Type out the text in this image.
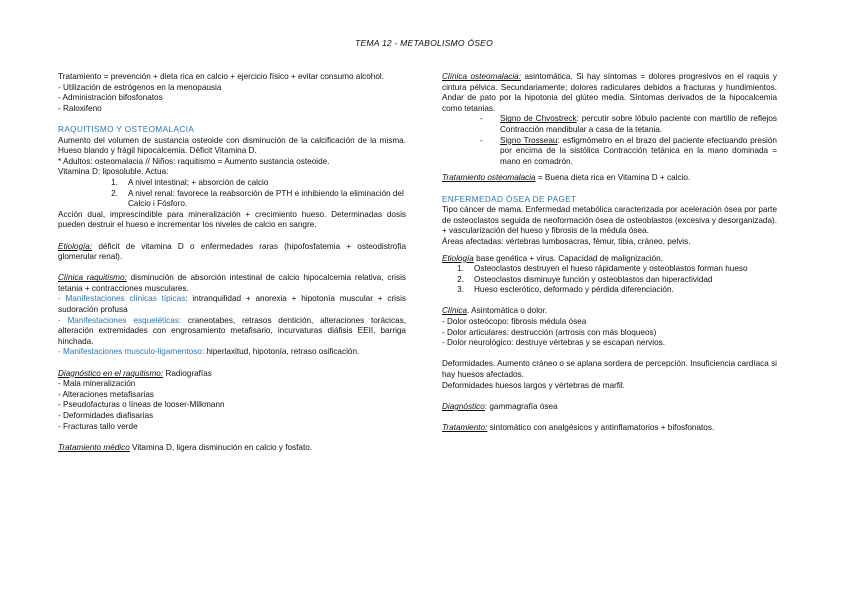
TEMA 12 - METABOLISMO ÓSEO

Tratamiento = prevención + dieta rica en calcio + ejercicio físico + evitar consumo alcohol.

- Utilización de estrógenos en la menopausia

- Administración bifosfonatos

- Raloxifeno

RAQUITISMO Y OSTEOMALACIA

Aumento del volumen de sustancia osteoide con disminución de la calcificación de la misma. Hueso blando y frágil hipocalcemia. Déficit Vitamina D.

* Adultos: osteomalacia // Niños: raquitismo = Aumento sustancia osteoide.

Vitamina D: liposoluble. Actua:

1.	A nivel intestinal; + absorción de calcio
2.	A nivel renal: favorece la reabsorción de PTH e inhibiendo la eliminación del Calcio i Fósforo.

Acción dual, imprescindible para mineralización + crecimiento hueso. Determinadas dosis pueden destruir el hueso e incrementar los niveles de calcio en sangre.

Etiología: déficit de vitamina D o enfermedades raras (hipofosfatemia + osteodistrofia glomerular renal).

Clínica raquitismo: disminución de absorción intestinal de calcio hipocalcemia relativa, crisis tetania + contracciones musculares.

- Manifestaciones clínicas típicas: intranquilidad + anorexia + hipotonía muscular + crisis sudoración profusa

- Manifestaciones esqueléticas: craneotabes, retrasos dentición, alteraciones torácicas, alteración extremidades con engrosamiento metafisario, incurvaturas diáfisis EEII, barriga hinchada.

- Manifestaciones musculo-ligamentoso: hiperlaxitud, hipotonía, retraso osificación.

Diagnóstico en el raquitismo: Radiografías

- Mala mineralización

- Alteraciones metafisarias

- Pseudofacturas o líneas de looser-Milkmann

- Deformidades diafisarias

- Fracturas tallo verde

Tratamiento médico Vitamina D, ligera disminución en calcio y fosfato.

Clínica osteomalacia: asintomática. Si hay síntomas = dolores progresivos en el raquis y cintura pélvica. Secundariamente; dolores radiculares debidos a fracturas y hundimientos. Andar de pato por la hipotonia del glúteo media. Síntomas derivados de la hipocalcemia como tetanias.

-	Signo de Chvostreck: percutir sobre lóbulo paciente con martillo de reflejos Contracción mandibular a casa de la tetania.
-	Signo Trosseau: esfigmómetro en el brazo del paciente efectuando presión por encima de la sistólica Contracción tetánica en la mano dominada = mano en comadrón.

Tratamiento osteomalacia = Buena dieta rica en Vitamina D + calcio.

ENFERMEDAD ÓSEA DE PAGET

Tipo cáncer de mama. Enfermedad metabólica caracterizada por aceleración ósea por parte de osteoclastos seguida de neoformación ósea de osteoblastos (excesiva y desorganizada). + vascularización del hueso y fibrosis de la médula ósea.

Áreas afectadas: vértebras lumbosacras, fémur, tibia, cráneo, pelvis.

Etiología base genética + virus. Capacidad de malignización.

1.	Osteoclastos destruyen el hueso rápidamente y osteoblastos forman hueso
2.	Osteoclastos disminuye función y osteoblastos dan hiperactividad
3.	Hueso esclerótico, deformado y pérdida diferenciación.

Clínica. Asintomática o dolor.

- Dolor osteócopo: fibrosis médula ósea

- Dolor articulares: destrucción (artrosis con más bloqueos)

- Dolor neurológico: destruye vértebras y se escapan nervios.

Deformidades. Aumento cráneo o se aplana sordera de percepción. Insuficiencia cardíaca si hay huesos afectados.

Deformidades huesos largos y vértebras de marfil.

Diagnóstico: gammagrafía ósea

Tratamiento: sintomático con analgésicos y antinflamatorios + bifosfonatos.
